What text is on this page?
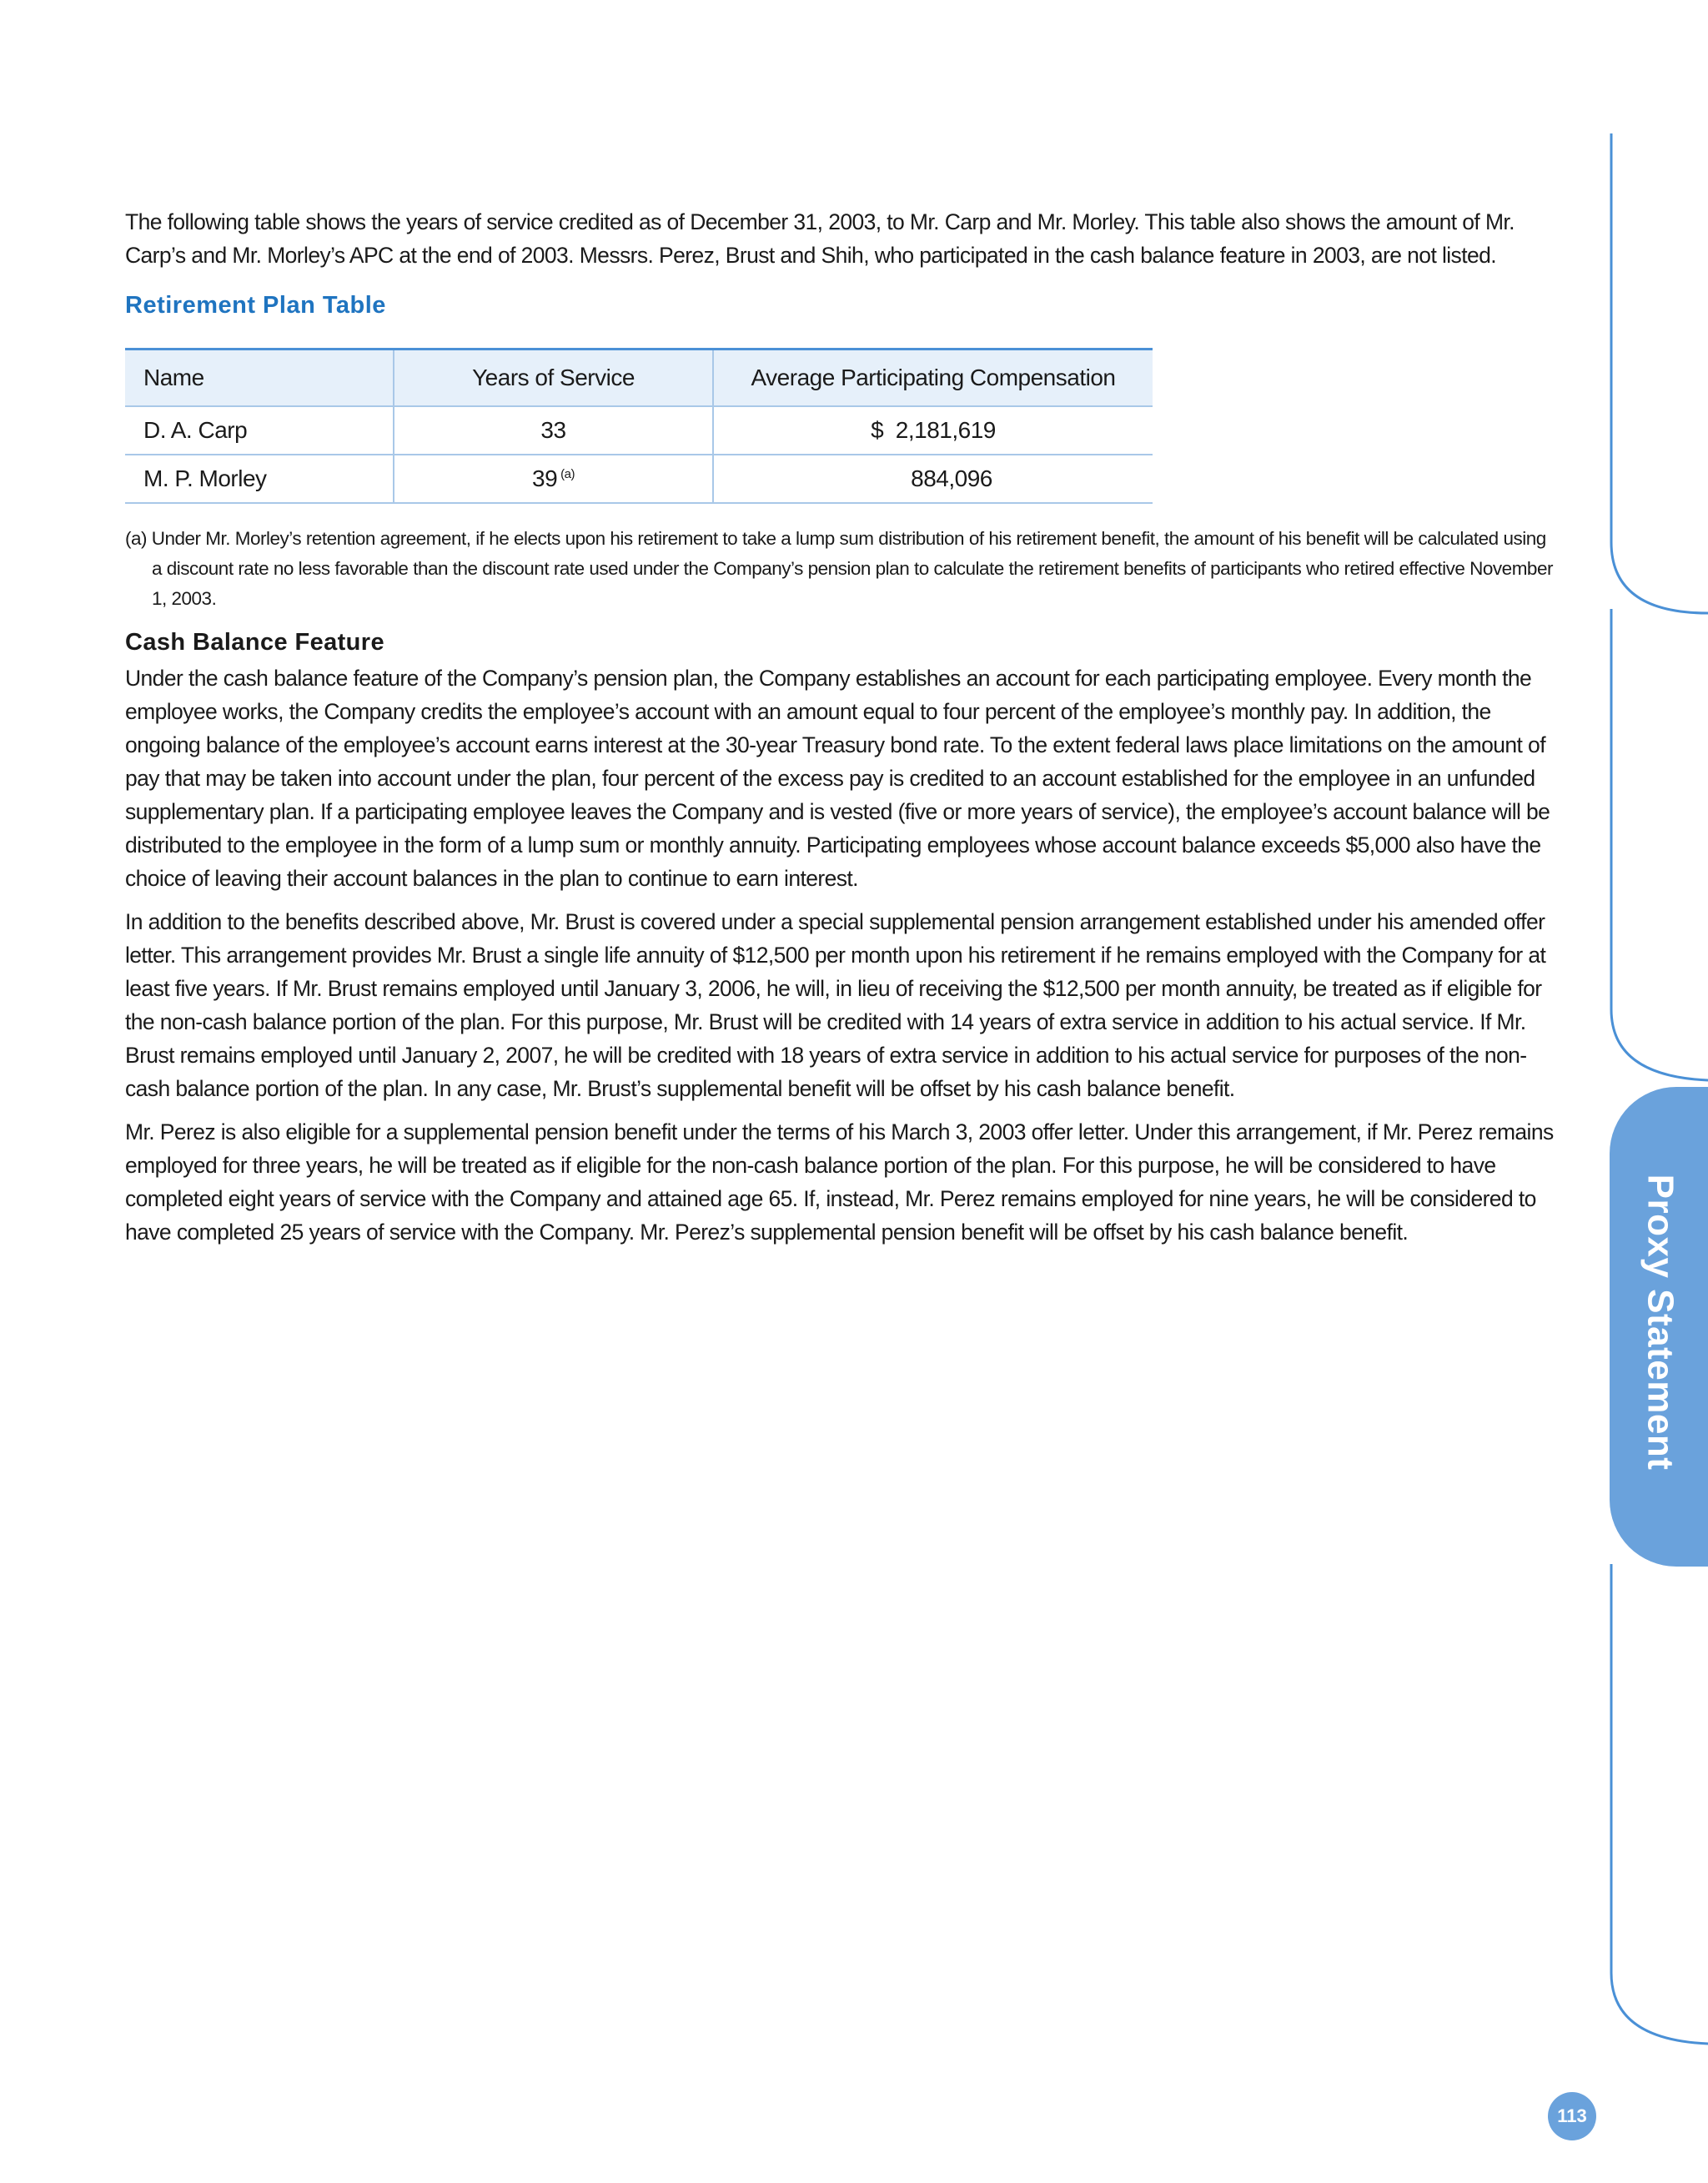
Proxy Statement

The following table shows the years of service credited as of December 31, 2003, to Mr. Carp and Mr. Morley. This table also shows the amount of Mr. Carp’s and Mr. Morley’s APC at the end of 2003. Messrs. Perez, Brust and Shih, who participated in the cash balance feature in 2003, are not listed.

Retirement Plan Table
Name	Years of Service	Average Participating Compensation
D. A. Carp	33	$  2,181,619
M. P. Morley	39 $^{(a)}$	884,096

(a) Under Mr. Morley’s retention agreement, if he elects upon his retirement to take a lump sum distribution of his retirement benefit, the amount of his benefit will be calculated using a discount rate no less favorable than the discount rate used under the Company’s pension plan to calculate the retirement benefits of participants who retired effective November 1, 2003.

Cash Balance Feature

Under the cash balance feature of the Company’s pension plan, the Company establishes an account for each participating employee. Every month the employee works, the Company credits the employee’s account with an amount equal to four percent of the employee’s monthly pay. In addition, the ongoing balance of the employee’s account earns interest at the 30-year Treasury bond rate. To the extent federal laws place limitations on the amount of pay that may be taken into account under the plan, four percent of the excess pay is credited to an account established for the employee in an unfunded supplementary plan. If a participating employee leaves the Company and is vested (five or more years of service), the employee’s account balance will be distributed to the employee in the form of a lump sum or monthly annuity. Participating employees whose account balance exceeds $5,000 also have the choice of leaving their account balances in the plan to continue to earn interest.

In addition to the benefits described above, Mr. Brust is covered under a special supplemental pension arrangement established under his amended offer letter. This arrangement provides Mr. Brust a single life annuity of $12,500 per month upon his retirement if he remains employed with the Company for at least five years. If Mr. Brust remains employed until January 3, 2006, he will, in lieu of receiving the $12,500 per month annuity, be treated as if eligible for the non-cash balance portion of the plan. For this purpose, Mr. Brust will be credited with 14 years of extra service in addition to his actual service. If Mr. Brust remains employed until January 2, 2007, he will be credited with 18 years of extra service in addition to his actual service for purposes of the non-cash balance portion of the plan. In any case, Mr. Brust’s supplemental benefit will be offset by his cash balance benefit.

Mr. Perez is also eligible for a supplemental pension benefit under the terms of his March 3, 2003 offer letter. Under this arrangement, if Mr. Perez remains employed for three years, he will be treated as if eligible for the non-cash balance portion of the plan. For this purpose, he will be considered to have completed eight years of service with the Company and attained age 65. If, instead, Mr. Perez remains employed for nine years, he will be considered to have completed 25 years of service with the Company. Mr. Perez’s supplemental pension benefit will be offset by his cash balance benefit.

113
